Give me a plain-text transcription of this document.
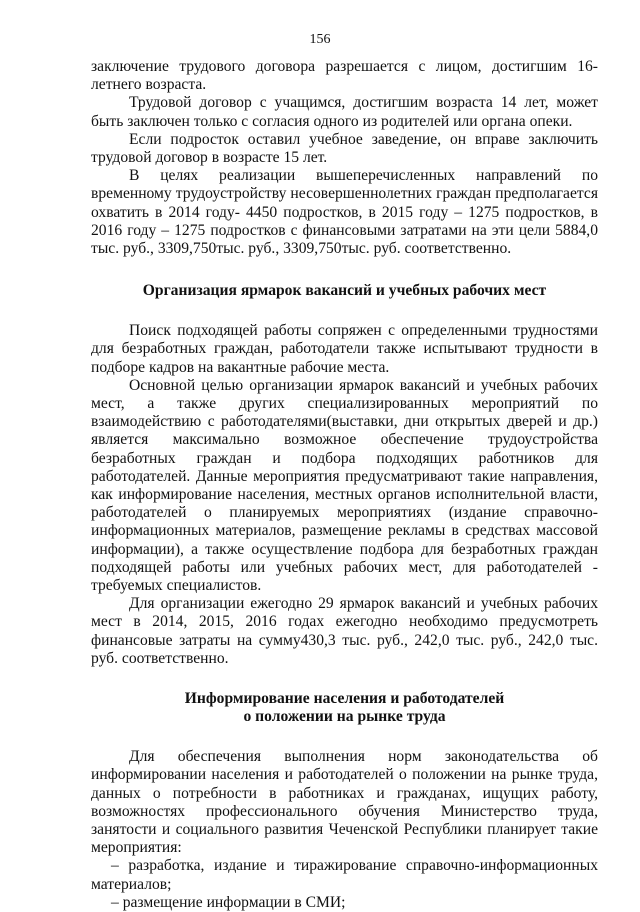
156

заключение трудового договора разрешается с лицом, достигшим 16-летнего возраста.

Трудовой договор с учащимся, достигшим возраста 14 лет, может быть заключен только с согласия одного из родителей или органа опеки.

Если подросток оставил учебное заведение, он вправе заключить трудовой договор в возрасте 15 лет.

В целях реализации вышеперечисленных направлений по временному трудоустройству несовершеннолетних граждан предполагается охватить в 2014 году- 4450 подростков, в 2015 году – 1275 подростков, в 2016 году – 1275 подростков с финансовыми затратами на эти цели 5884,0 тыс. руб., 3309,750тыс. руб., 3309,750тыс. руб. соответственно.

Организация ярмарок вакансий и учебных рабочих мест

Поиск подходящей работы сопряжен с определенными трудностями для безработных граждан, работодатели также испытывают трудности в подборе кадров на вакантные рабочие места.

Основной целью организации ярмарок вакансий и учебных рабочих мест, а также других специализированных мероприятий по взаимодействию с работодателями(выставки, дни открытых дверей и др.) является максимально возможное обеспечение трудоустройства безработных граждан и подбора подходящих работников для работодателей. Данные мероприятия предусматривают такие направления, как информирование населения, местных органов исполнительной власти, работодателей о планируемых мероприятиях (издание справочно-информационных материалов, размещение рекламы в средствах массовой информации), а также осуществление подбора для безработных граждан подходящей работы или учебных рабочих мест, для работодателей - требуемых специалистов.

Для организации ежегодно 29 ярмарок вакансий и учебных рабочих мест в 2014, 2015, 2016 годах ежегодно необходимо предусмотреть финансовые затраты на сумму430,3 тыс. руб., 242,0 тыс. руб., 242,0 тыс. руб. соответственно.

Информирование населения и работодателей
о положении на рынке труда

Для обеспечения выполнения норм законодательства об информировании населения и работодателей о положении на рынке труда, данных о потребности в работниках и гражданах, ищущих работу, возможностях профессионального обучения Министерство труда, занятости и социального развития Чеченской Республики планирует такие мероприятия:

– разработка, издание и тиражирование справочно-информационных материалов;

– размещение информации в СМИ;
